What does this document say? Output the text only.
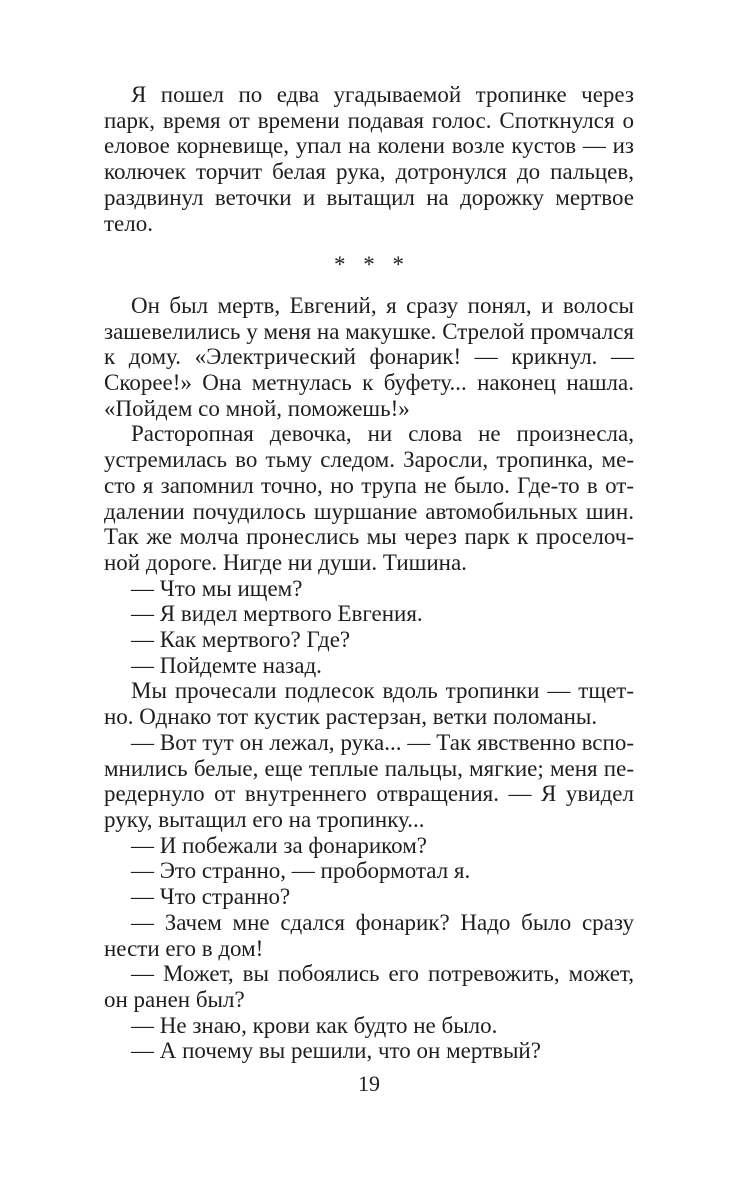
Я пошел по едва угадываемой тропинке через парк, время от времени подавая голос. Споткнулся о еловое корневище, упал на колени возле кустов — из колючек торчит белая рука, дотронулся до пальцев, раздвинул веточки и вытащил на дорожку мертвое тело.

* * *

Он был мертв, Евгений, я сразу понял, и волосы зашевелились у меня на макушке. Стрелой промчался к дому. «Электрический фонарик! — крикнул. — Скорее!» Она метнулась к буфету... наконец нашла. «Пойдем со мной, поможешь!»

Расторопная девочка, ни слова не произнесла, устремилась во тьму следом. Заросли, тропинка, место я запомнил точно, но трупа не было. Где-то в отдалении почудилось шуршание автомобильных шин. Так же молча пронеслись мы через парк к проселочной дороге. Нигде ни души. Тишина.

— Что мы ищем?

— Я видел мертвого Евгения.

— Как мертвого? Где?

— Пойдемте назад.

Мы прочесали подлесок вдоль тропинки — тщетно. Однако тот кустик растерзан, ветки поломаны.

— Вот тут он лежал, рука... — Так явственно вспомнились белые, еще теплые пальцы, мягкие; меня передернуло от внутреннего отвращения. — Я увидел руку, вытащил его на тропинку...

— И побежали за фонариком?

— Это странно, — пробормотал я.

— Что странно?

— Зачем мне сдался фонарик? Надо было сразу нести его в дом!

— Может, вы побоялись его потревожить, может, он ранен был?

— Не знаю, крови как будто не было.

— А почему вы решили, что он мертвый?

19
